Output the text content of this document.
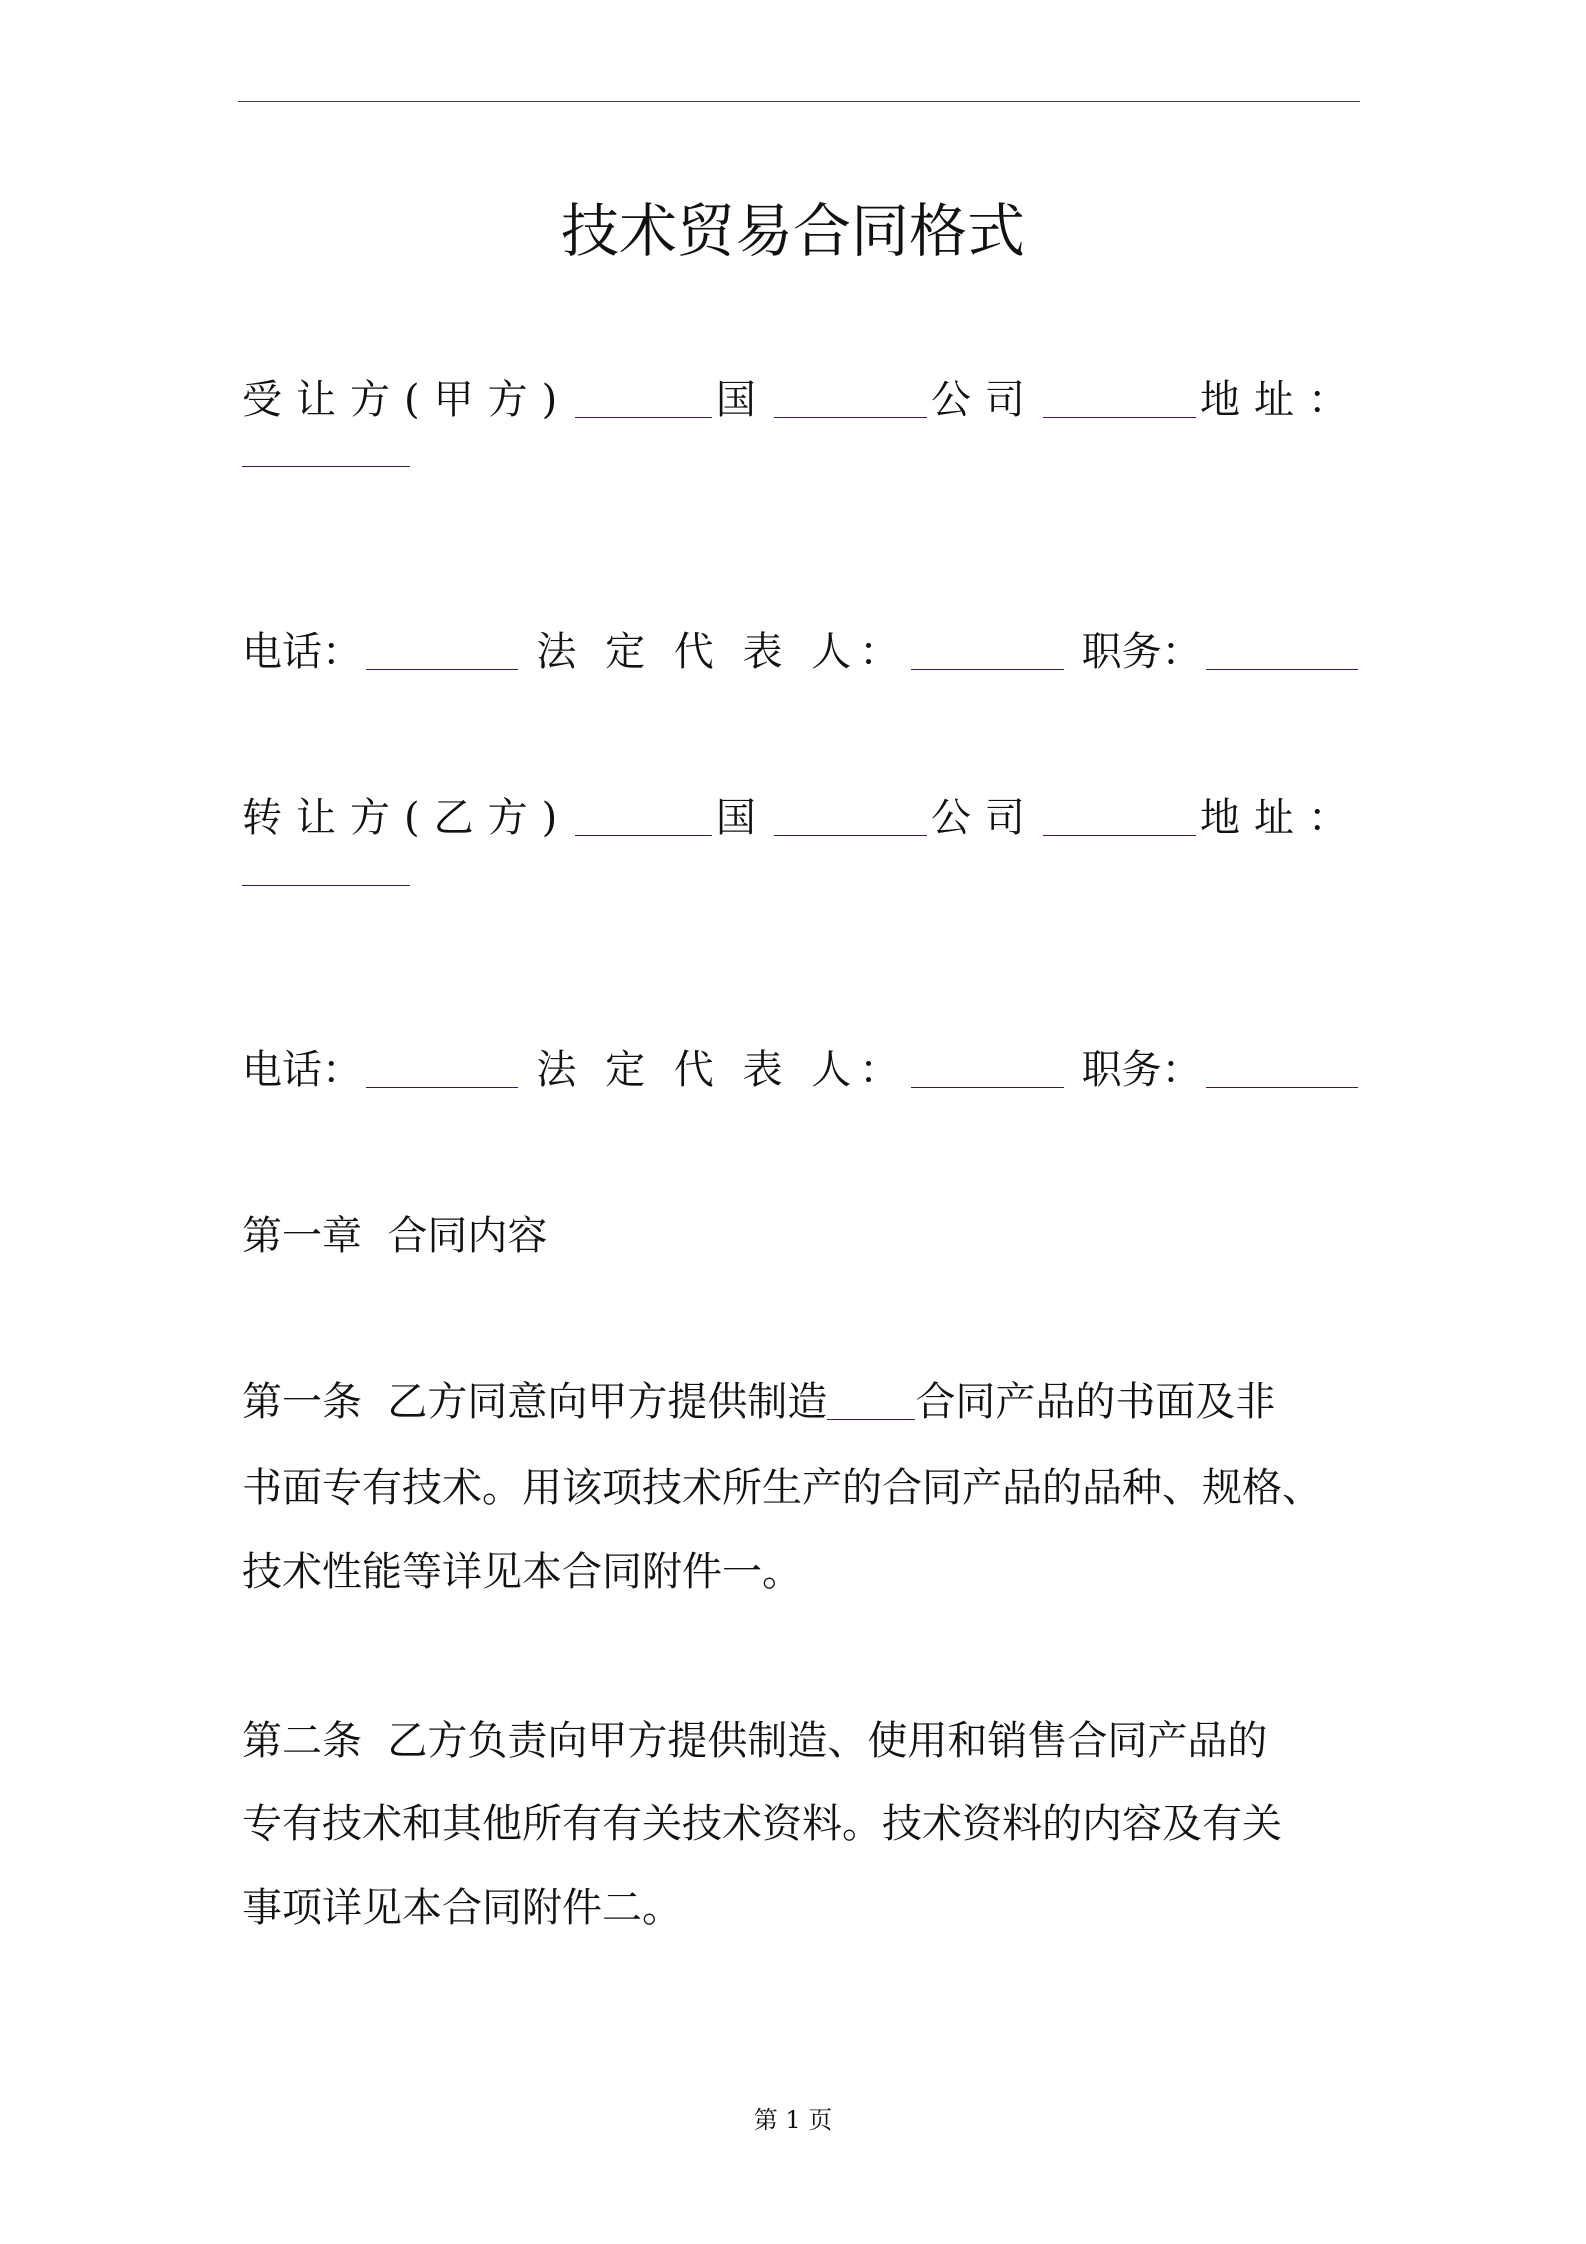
技术贸易合同格式
受让方(甲方)	国	公司	地址：
电话：	法 定 代 表 人：	职务：
转让方(乙方)	国	公司	地址：
电话：	法 定 代 表 人：	职务：
第一章  合同内容
第一条  乙方同意向甲方提供制造 合同产品的书面及非
书面专有技术。用该项技术所生产的合同产品的品种、规格、
技术性能等详见本合同附件一。
第二条  乙方负责向甲方提供制造、使用和销售合同产品的
专有技术和其他所有有关技术资料。技术资料的内容及有关
事项详见本合同附件二。
第 1 页
